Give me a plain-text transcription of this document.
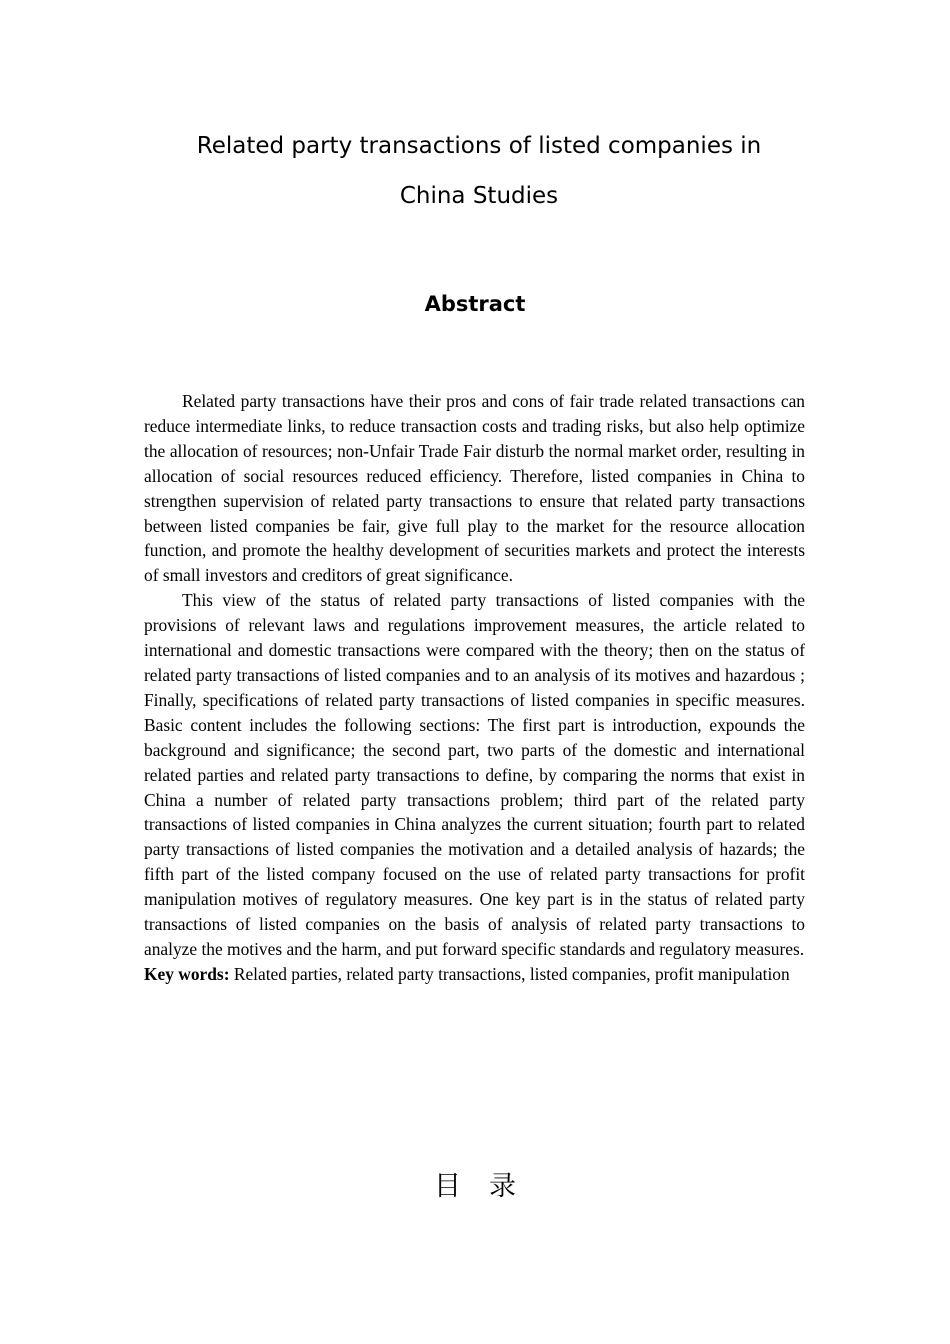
Related party transactions of listed companies in
China Studies
Abstract

Related party transactions have their pros and cons of fair trade related transactions can reduce intermediate links, to reduce transaction costs and trading risks, but also help optimize the allocation of resources; non-Unfair Trade Fair disturb the normal market order, resulting in allocation of social resources reduced efficiency. Therefore, listed companies in China to strengthen supervision of related party transactions to ensure that related party transactions between listed companies be fair, give full play to the market for the resource allocation function, and promote the healthy development of securities markets and protect the interests of small investors and creditors of great significance.

This view of the status of related party transactions of listed companies with the provisions of relevant laws and regulations improvement measures, the article related to international and domestic transactions were compared with the theory; then on the status of related party transactions of listed companies and to an analysis of its motives and hazardous ; Finally, specifications of related party transactions of listed companies in specific measures. Basic content includes the following sections: The first part is introduction, expounds the background and significance; the second part, two parts of the domestic and international related parties and related party transactions to define, by comparing the norms that exist in China a number of related party transactions problem; third part of the related party transactions of listed companies in China analyzes the current situation; fourth part to related party transactions of listed companies the motivation and a detailed analysis of hazards; the fifth part of the listed company focused on the use of related party transactions for profit manipulation motives of regulatory measures. One key part is in the status of related party transactions of listed companies on the basis of analysis of related party transactions to analyze the motives and the harm, and put forward specific standards and regulatory measures.

Key words: Related parties, related party transactions, listed companies, profit manipulation

目录
